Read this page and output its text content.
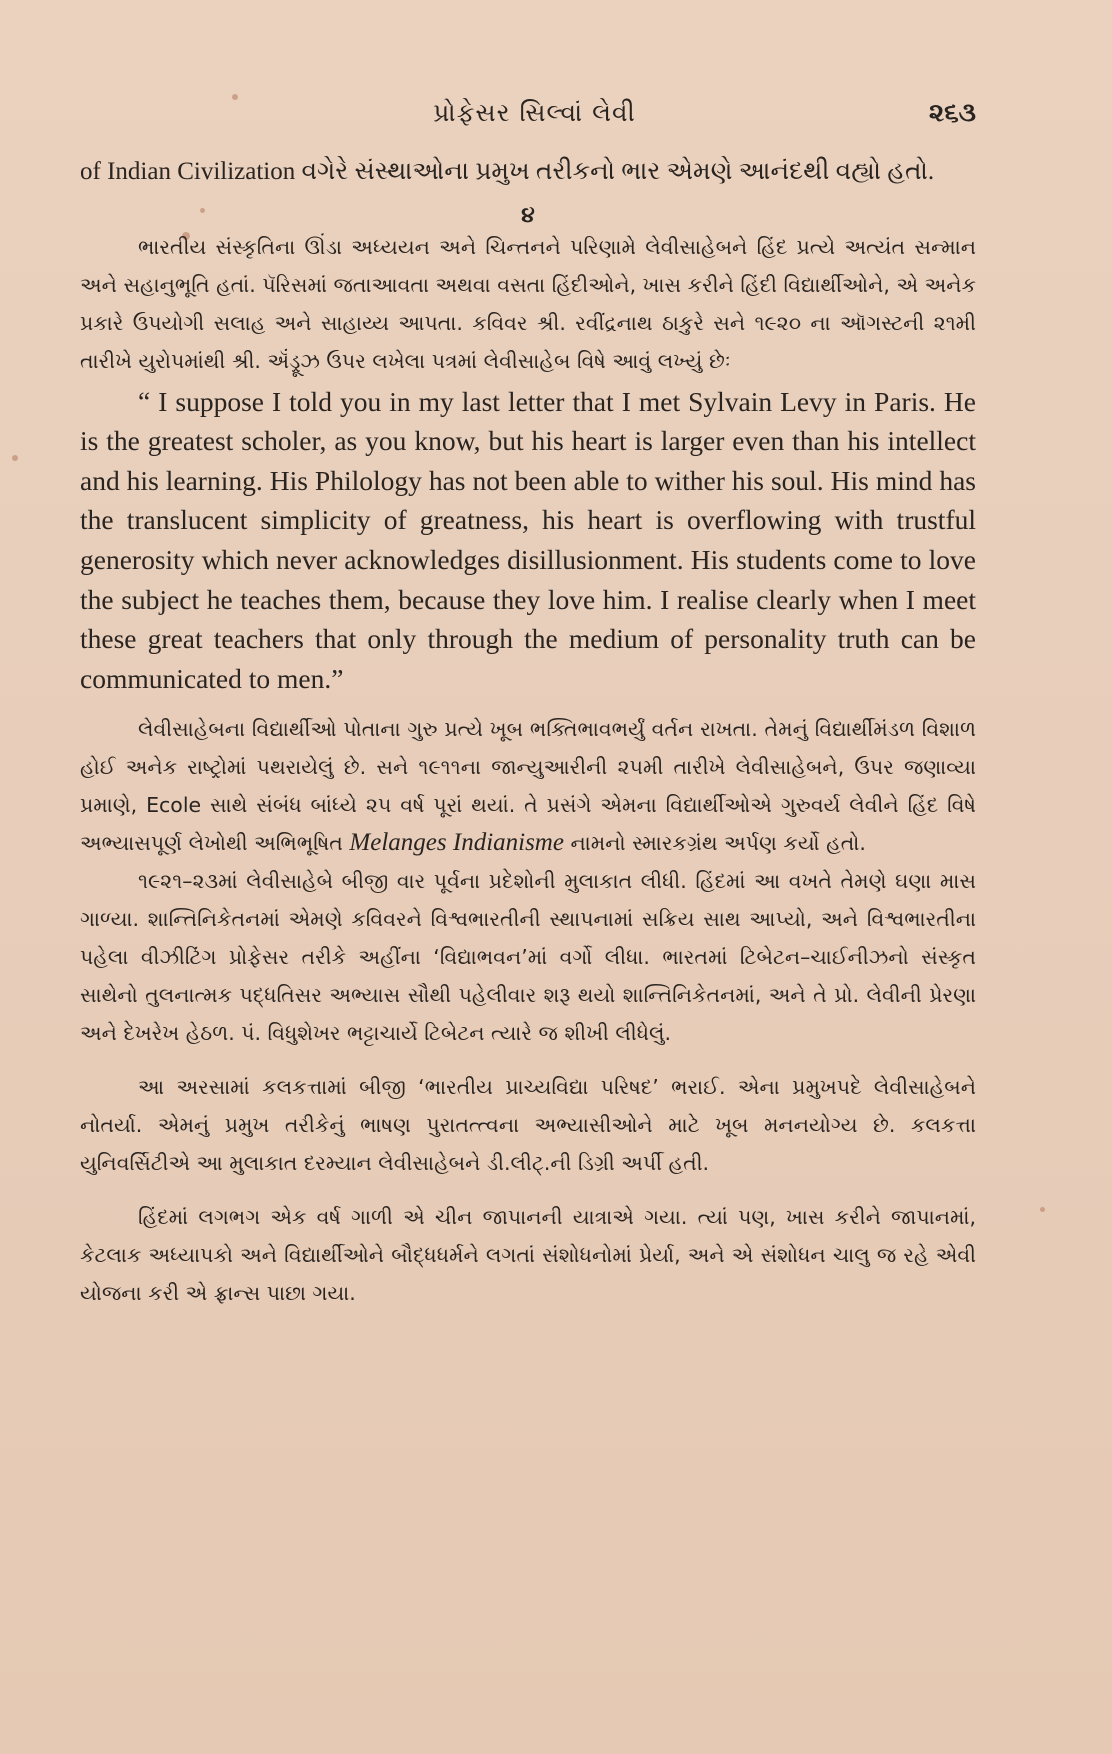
પ્રોફેસર સિલ્વાં લેવી	૨૬૩

of Indian Civilization વગેરે સંસ્થાઓના પ્રમુખ તરીકનો ભાર એમણે આનંદથી વહ્યો હતો.

૪

ભારતીય સંસ્કૃતિના ઊંડા અધ્યયન અને ચિન્તનને પરિણામે લેવીસાહેબને હિંદ પ્રત્યે અત્યંત સન્માન અને સહાનુભૂતિ હતાં. પૅરિસમાં જતાઆવતા અથવા વસતા હિંદીઓને, ખાસ કરીને હિંદી વિદ્યાર્થીઓને, એ અનેક પ્રકારે ઉપયોગી સલાહ અને સાહાય્ય આપતા. કવિવર શ્રી. રવીંદ્રનાથ ઠાકુરે સને ૧૯૨૦ ના ઑગસ્ટની ૨૧મી તારીખે યુરોપમાંથી શ્રી. ઍંડ્રૂઝ ઉપર લખેલા પત્રમાં લેવીસાહેબ વિષે આવું લખ્યું છેઃ

“ I suppose I told you in my last letter that I met Sylvain Levy in Paris. He is the greatest scholer, as you know, but his heart is larger even than his intellect and his learning. His Philology has not been able to wither his soul. His mind has the translucent simplicity of greatness, his heart is overflowing with trustful generosity which never acknowledges disillusionment. His students come to love the subject he teaches them, because they love him. I realise clearly when I meet these great teachers that only through the medium of personality truth can be communicated to men.”

લેવીસાહેબના વિદ્યાર્થીઓ પોતાના ગુરુ પ્રત્યે ખૂબ ભક્તિભાવભર્યું વર્તન રાખતા. તેમનું વિદ્યાર્થીમંડળ વિશાળ હોઈ અનેક રાષ્ટ્રોમાં પથરાયેલું છે. સને ૧૯૧૧ના જાન્યુઆરીની ૨૫મી તારીખે લેવીસાહેબને, ઉપર જણાવ્યા પ્રમાણે, Ecole સાથે સંબંધ બાંધ્યે ૨૫ વર્ષ પૂરાં થયાં. તે પ્રસંગે એમના વિદ્યાર્થીઓએ ગુરુવર્ય લેવીને હિંદ વિષે અભ્યાસપૂર્ણ લેખોથી અભિભૂષિત Melanges Indianisme નામનો સ્મારકગ્રંથ અર્પણ કર્યો હતો.

૧૯૨૧–૨૩માં લેવીસાહેબે બીજી વાર પૂર્વના પ્રદેશોની મુલાકાત લીધી. હિંદમાં આ વખતે તેમણે ઘણા માસ ગાળ્યા. શાન્તિનિકેતનમાં એમણે કવિવરને વિશ્વભારતીની સ્થાપનામાં સક્રિય સાથ આપ્યો, અને વિશ્વભારતીના પહેલા વીઝીટિંગ પ્રોફેસર તરીકે અહીંના ‘વિદ્યાભવન’માં વર્ગો લીધા. ભારતમાં ટિબેટન–ચાઈનીઝનો સંસ્કૃત સાથેનો તુલનાત્મક પદ્ધતિસર અભ્યાસ સૌથી પહેલીવાર શરૂ થયો શાન્તિનિકેતનમાં, અને તે પ્રો. લેવીની પ્રેરણા અને દેખરેખ હેઠળ. પં. વિધુશેખર ભટ્ટાચાર્યે ટિબેટન ત્યારે જ શીખી લીધેલું.

આ અરસામાં કલકત્તામાં બીજી ‘ભારતીય પ્રાચ્યવિદ્યા પરિષદ’ ભરાઈ. એના પ્રમુખપદે લેવીસાહેબને નોતર્યા. એમનું પ્રમુખ તરીકેનું ભાષણ પુરાતત્ત્વના અભ્યાસીઓને માટે ખૂબ મનનયોગ્ય છે. કલકત્તા યુનિવર્સિટીએ આ મુલાકાત દરમ્યાન લેવીસાહેબને ડી.લીટ્.ની ડિગ્રી અર્પી હતી.

હિંદમાં લગભગ એક વર્ષ ગાળી એ ચીન જાપાનની યાત્રાએ ગયા. ત્યાં પણ, ખાસ કરીને જાપાનમાં, કેટલાક અધ્યાપકો અને વિદ્યાર્થીઓને બૌદ્ધધર્મને લગતાં સંશોધનોમાં પ્રેર્યા, અને એ સંશોધન ચાલુ જ રહે એવી યોજના કરી એ ફ્રાન્સ પાછા ગયા.
